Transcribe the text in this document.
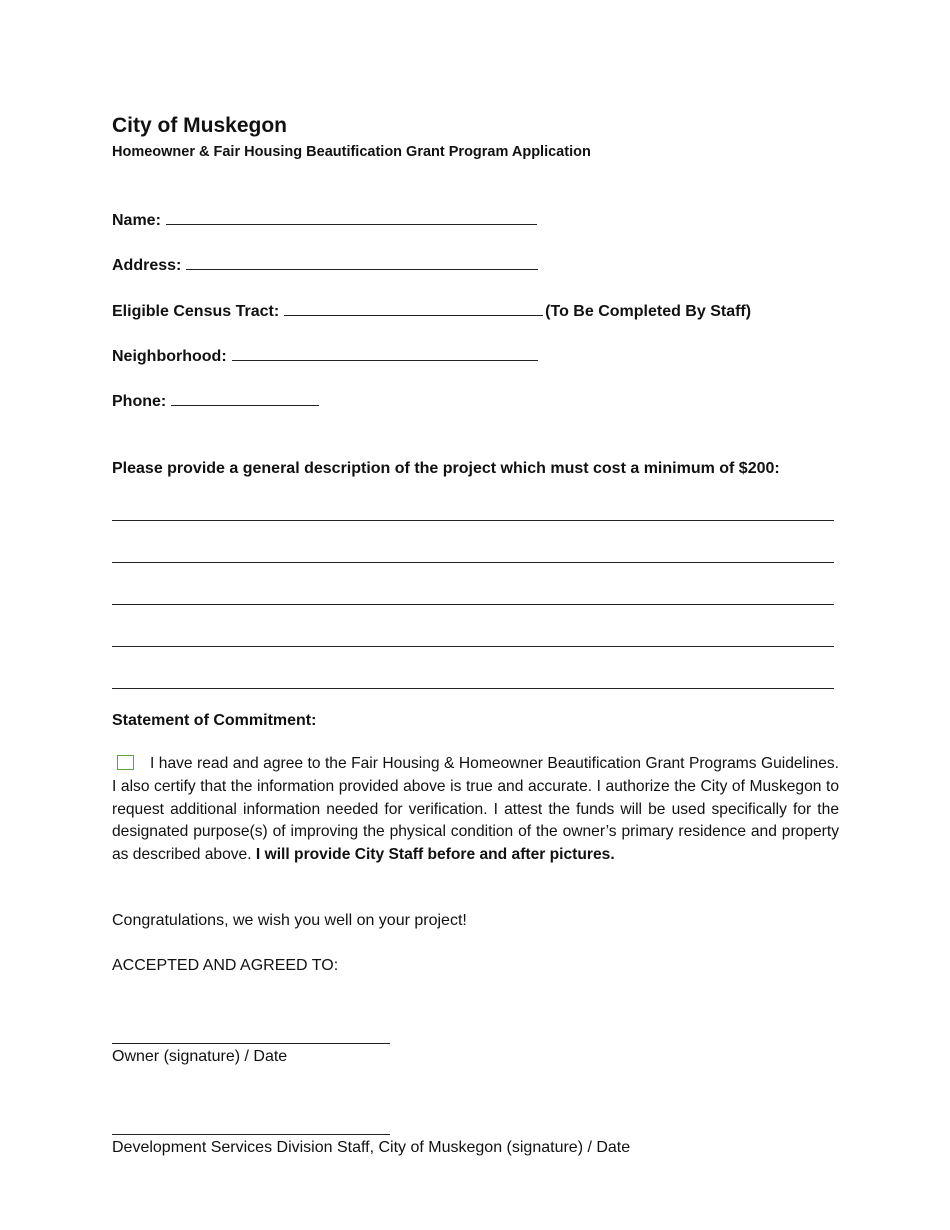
City of Muskegon
Homeowner & Fair Housing Beautification Grant Program Application
Name:
Address:
Eligible Census Tract:	(To Be Completed By Staff)
Neighborhood:
Phone:
Please provide a general description of the project which must cost a minimum of $200:
Statement of Commitment:
I have read and agree to the Fair Housing & Homeowner Beautification Grant Programs Guidelines. I also certify that the information provided above is true and accurate. I authorize the City of Muskegon to request additional information needed for verification. I attest the funds will be used specifically for the designated purpose(s) of improving the physical condition of the owner’s primary residence and property as described above. I will provide City Staff before and after pictures.
Congratulations, we wish you well on your project!
ACCEPTED AND AGREED TO:
Owner (signature) / Date
Development Services Division Staff, City of Muskegon (signature) / Date
